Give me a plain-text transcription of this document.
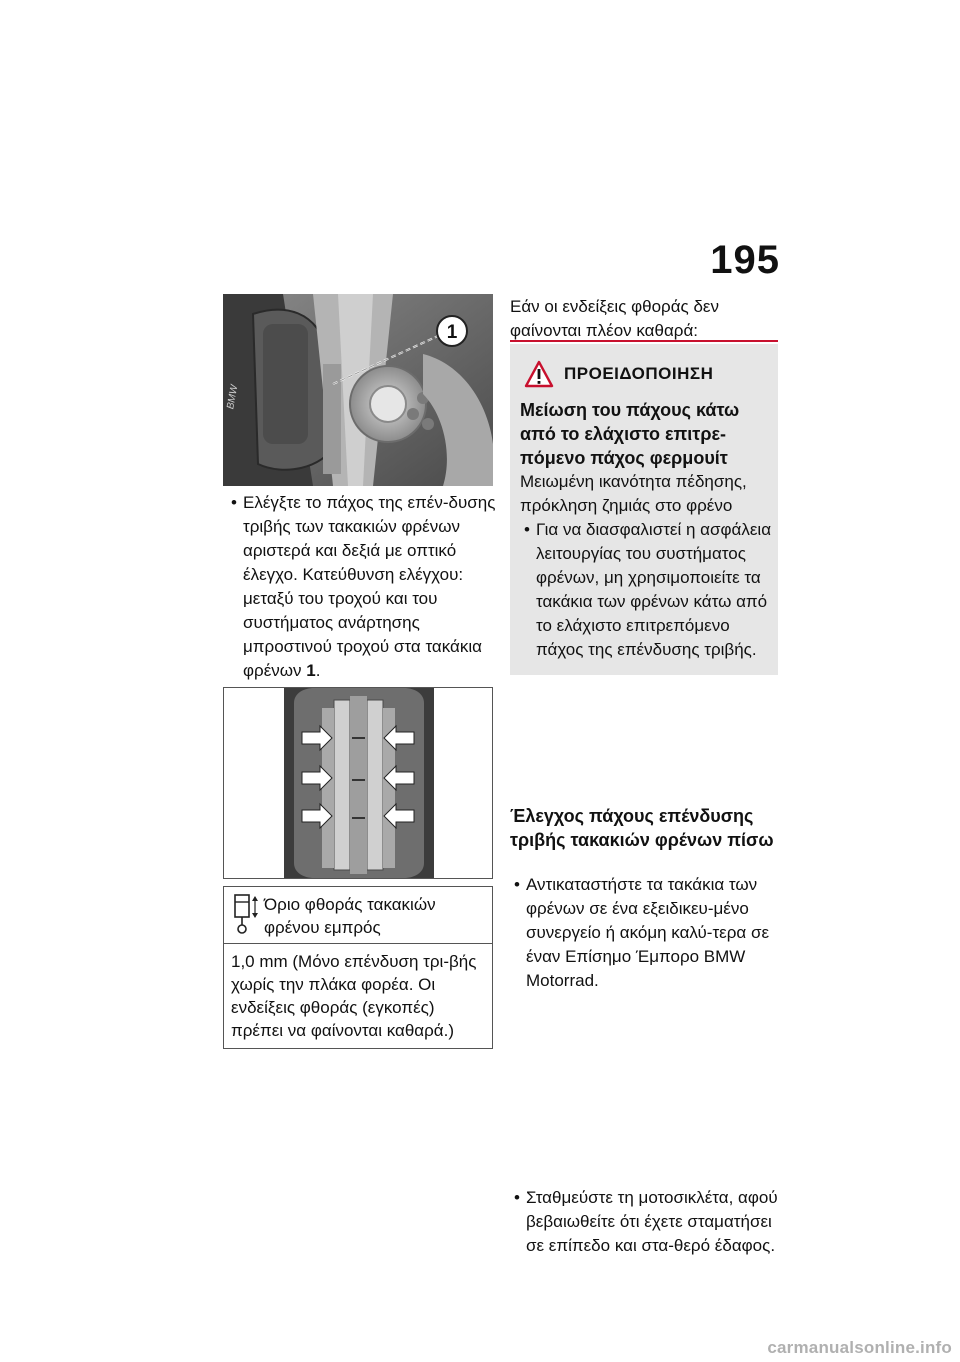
195
1
BMW
• Ελέγξτε το πάχος της επέν-δυσης τριβής των τακακιών φρένων αριστερά και δεξιά με οπτικό έλεγχο. Κατεύθυνση ελέγχου: μεταξύ του τροχού και του συστήματος ανάρτησης μπροστινού τροχού στα τακάκια φρένων 1.
Όριο φθοράς τακακιών φρένου εμπρός
1,0 mm (Μόνο επένδυση τρι-βής χωρίς την πλάκα φορέα. Οι ενδείξεις φθοράς (εγκοπές) πρέπει να φαίνονται καθαρά.)
Εάν οι ενδείξεις φθοράς δεν φαίνονται πλέον καθαρά:
ΠΡΟΕΙΔΟΠΟΙΗΣΗ
Μείωση του πάχους κάτω από το ελάχιστο επιτρε-πόμενο πάχος φερμουίτ
Μειωμένη ικανότητα πέδησης, πρόκληση ζημιάς στο φρένο
• Για να διασφαλιστεί η ασφάλεια λειτουργίας του συστήματος φρένων, μη χρησιμοποιείτε τα τακάκια των φρένων κάτω από το ελάχιστο επιτρεπόμενο πάχος της επένδυσης τριβής.
• Αντικαταστήστε τα τακάκια των φρένων σε ένα εξειδικευ-μένο συνεργείο ή ακόμη καλύ-τερα σε έναν Επίσημο Έμπορο BMW Motorrad.
Έλεγχος πάχους επένδυσης τριβής τακακιών φρένων πίσω
• Σταθμεύστε τη μοτοσικλέτα, αφού βεβαιωθείτε ότι έχετε σταματήσει σε επίπεδο και στα-θερό έδαφος.
carmanualsonline.info
